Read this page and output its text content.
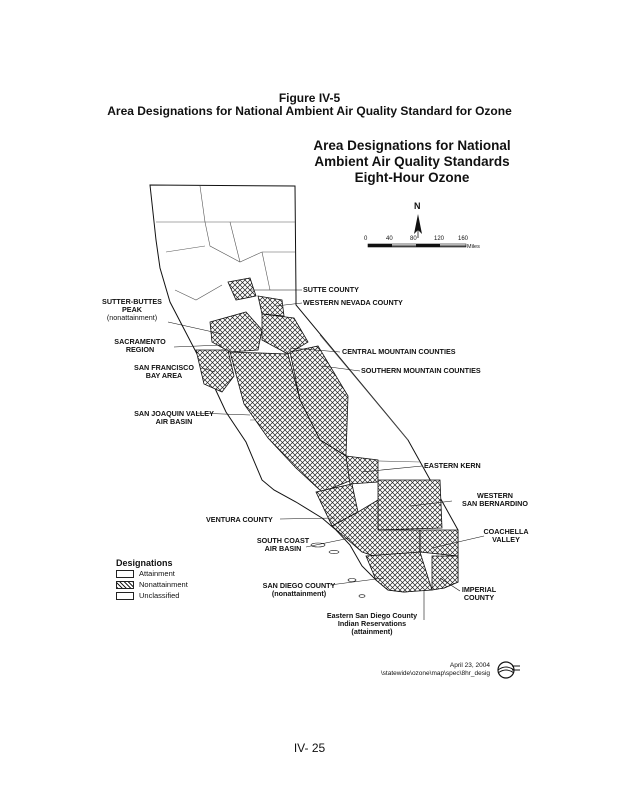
Figure IV-5
Area Designations for National Ambient Air Quality Standard for Ozone
Area Designations for National
Ambient Air Quality Standards
Eight-Hour Ozone
N
0	40	80	120 160
Miles
SUTTE COUNTY
WESTERN NEVADA COUNTY
SUTTER-BUTTES
PEAK
(nonattainment)
SACRAMENTO
REGION	CENTRAL MOUNTAIN COUNTIES
SOUTHERN MOUNTAIN COUNTIES
SAN FRANCISCO
BAY AREA
SAN JOAQUIN VALLEY
AIR BASIN
EASTERN KERN
WESTERN
SAN BERNARDINO
VENTURA COUNTY
SOUTH COAST
AIR BASIN
COACHELLA
VALLEY
SAN DIEGO COUNTY
(nonattainment)	IMPERIAL
COUNTY
Eastern San Diego County
Indian Reservations
(attainment)
Designations
Attainment
Nonattainment
Unclassified
April 23, 2004
\statewide\ozone\map\spec\8hr_desig
IV- 25
